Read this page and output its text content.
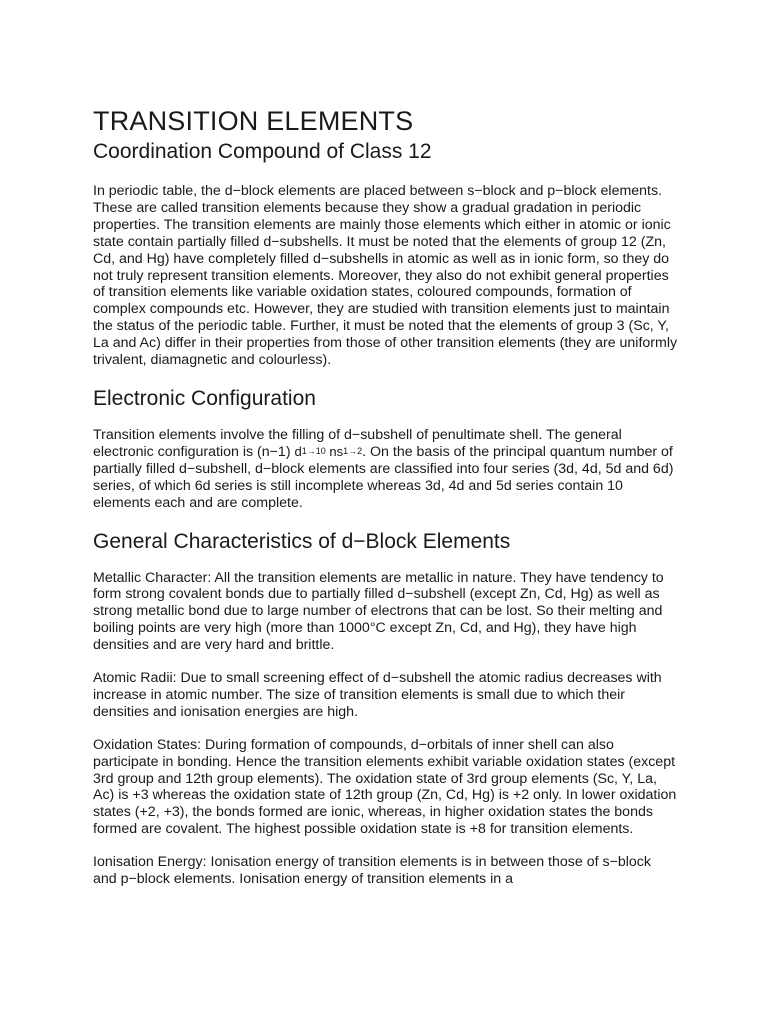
TRANSITION ELEMENTS
Coordination Compound of Class 12

In periodic table, the d−block elements are placed between s−block and p−block elements. These are called transition elements because they show a gradual gradation in periodic properties. The transition elements are mainly those elements which either in atomic or ionic state contain partially filled d−subshells. It must be noted that the elements of group 12 (Zn, Cd, and Hg) have completely filled d−subshells in atomic as well as in ionic form, so they do not truly represent transition elements. Moreover, they also do not exhibit general properties of transition elements like variable oxidation states, coloured compounds, formation of complex compounds etc. However, they are studied with transition elements just to maintain the status of the periodic table. Further, it must be noted that the elements of group 3 (Sc, Y, La and Ac) differ in their properties from those of other transition elements (they are uniformly trivalent, diamagnetic and colourless).

Electronic Configuration

Transition elements involve the filling of d−subshell of penultimate shell. The general electronic configuration is (n−1) $d^{1\to 10}$ $ns^{1\to 2}$. On the basis of the principal quantum number of partially filled d−subshell, d−block elements are classified into four series (3d, 4d, 5d and 6d) series, of which 6d series is still incomplete whereas 3d, 4d and 5d series contain 10 elements each and are complete.

General Characteristics of d−Block Elements

Metallic Character: All the transition elements are metallic in nature. They have tendency to form strong covalent bonds due to partially filled d−subshell (except Zn, Cd, Hg) as well as strong metallic bond due to large number of electrons that can be lost. So their melting and boiling points are very high (more than 1000°C except Zn, Cd, and Hg), they have high densities and are very hard and brittle.

Atomic Radii: Due to small screening effect of d−subshell the atomic radius decreases with increase in atomic number. The size of transition elements is small due to which their densities and ionisation energies are high.

Oxidation States: During formation of compounds, d−orbitals of inner shell can also participate in bonding. Hence the transition elements exhibit variable oxidation states (except 3rd group and 12th group elements). The oxidation state of 3rd group elements (Sc, Y, La, Ac) is +3 whereas the oxidation state of 12th group (Zn, Cd, Hg) is +2 only. In lower oxidation states (+2, +3), the bonds formed are ionic, whereas, in higher oxidation states the bonds formed are covalent. The highest possible oxidation state is +8 for transition elements.

Ionisation Energy: Ionisation energy of transition elements is in between those of s−block and p−block elements. Ionisation energy of transition elements in a
